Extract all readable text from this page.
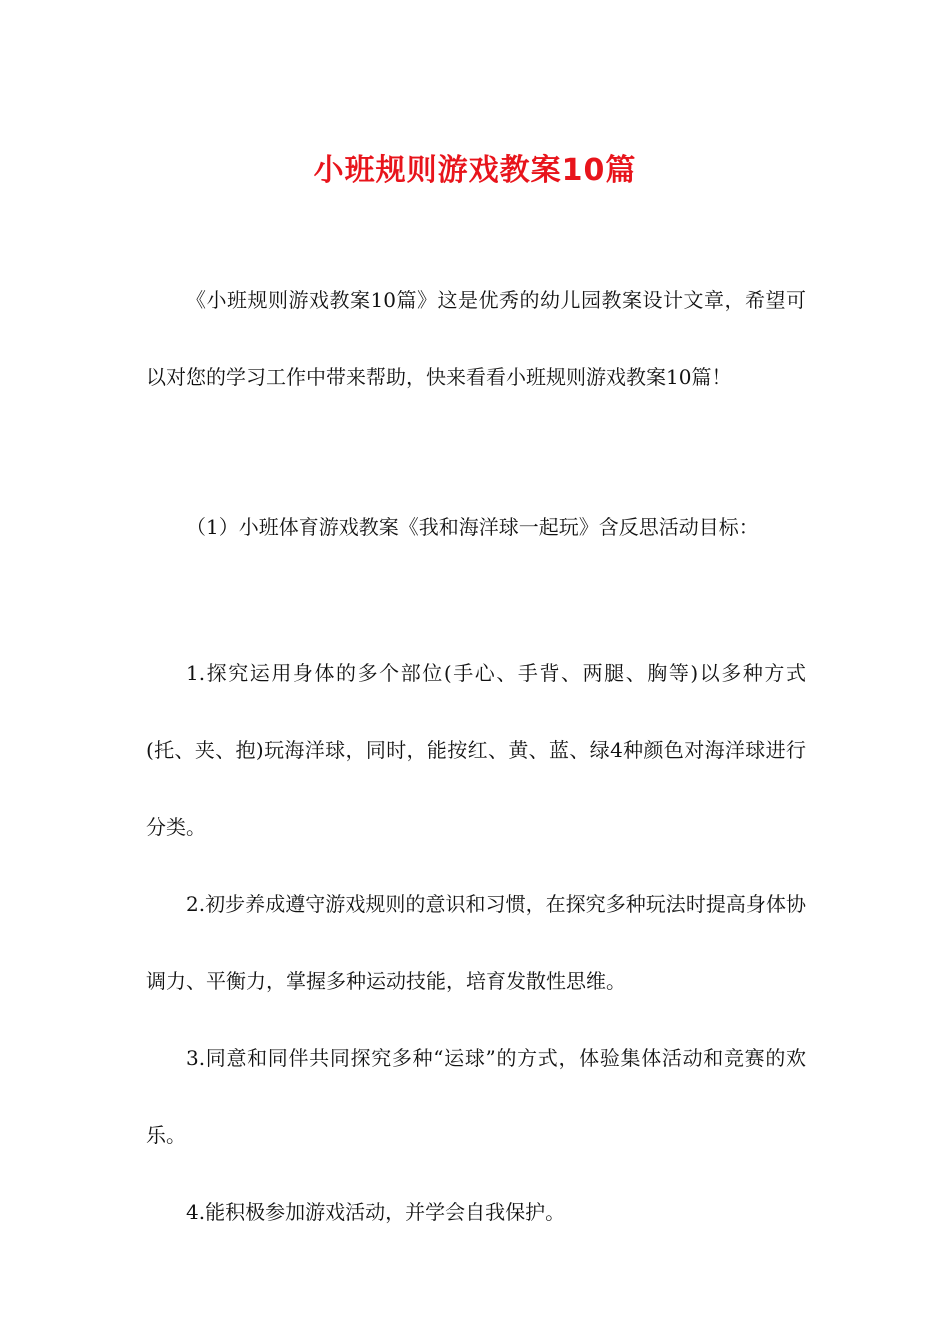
小班规则游戏教案10篇

《小班规则游戏教案10篇》这是优秀的幼儿园教案设计文章，希望可以对您的学习工作中带来帮助，快来看看小班规则游戏教案10篇！

（1）小班体育游戏教案《我和海洋球一起玩》含反思活动目标：

1.探究运用身体的多个部位(手心、手背、两腿、胸等)以多种方式(托、夹、抱)玩海洋球，同时，能按红、黄、蓝、绿4种颜色对海洋球进行分类。

2.初步养成遵守游戏规则的意识和习惯，在探究多种玩法时提高身体协调力、平衡力，掌握多种运动技能，培育发散性思维。

3.同意和同伴共同探究多种“运球”的方式，体验集体活动和竞赛的欢乐。

4.能积极参加游戏活动，并学会自我保护。
